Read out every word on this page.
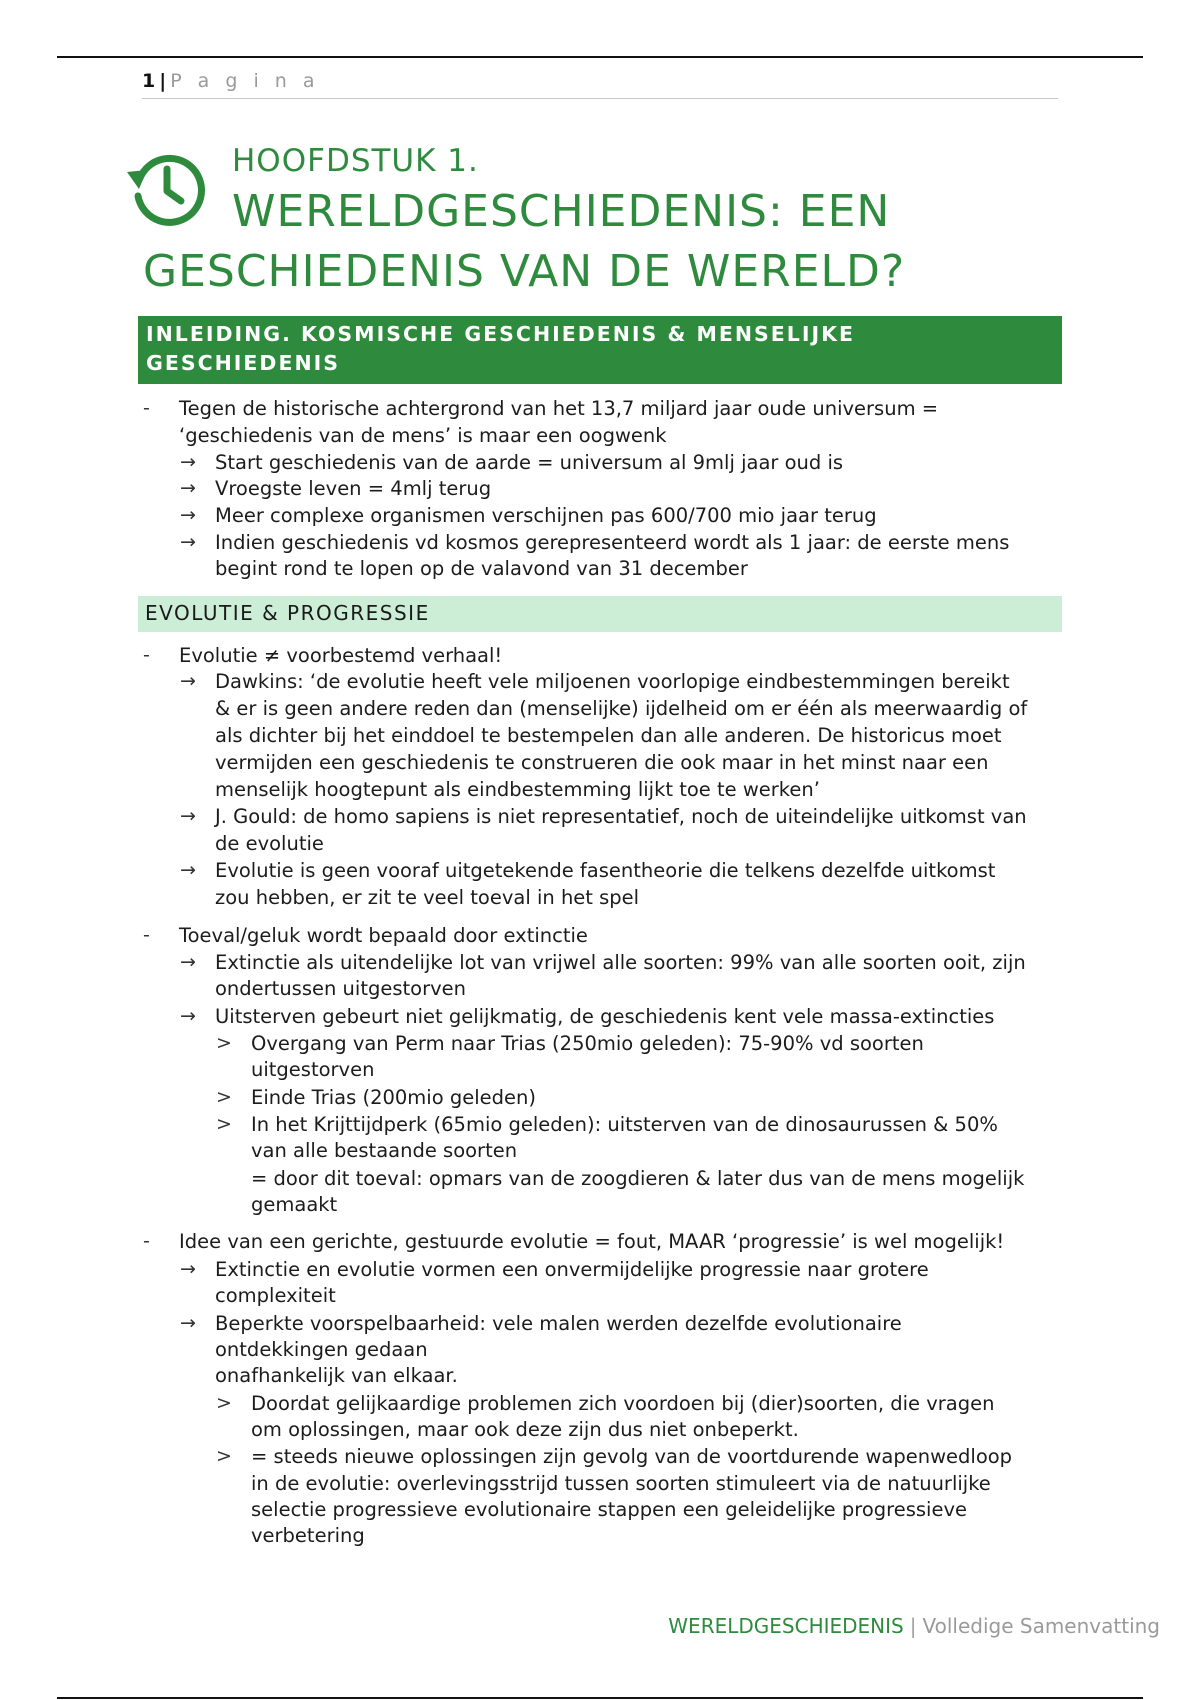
1 | P a g i n a
HOOFDSTUK 1.
WERELDGESCHIEDENIS: EEN
GESCHIEDENIS VAN DE WERELD?
INLEIDING. KOSMISCHE GESCHIEDENIS & MENSELIJKE
GESCHIEDENIS
- Tegen de historische achtergrond van het 13,7 miljard jaar oude universum =
‘geschiedenis van de mens’ is maar een oogwenk
→ Start geschiedenis van de aarde = universum al 9mlj jaar oud is
→ Vroegste leven = 4mlj terug
→ Meer complexe organismen verschijnen pas 600/700 mio jaar terug
→ Indien geschiedenis vd kosmos gerepresenteerd wordt als 1 jaar: de eerste mens
begint rond te lopen op de valavond van 31 december
EVOLUTIE & PROGRESSIE
- Evolutie ≠ voorbestemd verhaal!
→ Dawkins: ‘de evolutie heeft vele miljoenen voorlopige eindbestemmingen bereikt
& er is geen andere reden dan (menselijke) ijdelheid om er één als meerwaardig of
als dichter bij het einddoel te bestempelen dan alle anderen. De historicus moet
vermijden een geschiedenis te construeren die ook maar in het minst naar een
menselijk hoogtepunt als eindbestemming lijkt toe te werken’
→ J. Gould: de homo sapiens is niet representatief, noch de uiteindelijke uitkomst van
de evolutie
→ Evolutie is geen vooraf uitgetekende fasentheorie die telkens dezelfde uitkomst
zou hebben, er zit te veel toeval in het spel
- Toeval/geluk wordt bepaald door extinctie
→ Extinctie als uitendelijke lot van vrijwel alle soorten: 99% van alle soorten ooit, zijn
ondertussen uitgestorven
→ Uitsterven gebeurt niet gelijkmatig, de geschiedenis kent vele massa-extincties
> Overgang van Perm naar Trias (250mio geleden): 75-90% vd soorten
uitgestorven
> Einde Trias (200mio geleden)
> In het Krijttijdperk (65mio geleden): uitsterven van de dinosaurussen & 50%
van alle bestaande soorten
= door dit toeval: opmars van de zoogdieren & later dus van de mens mogelijk
gemaakt
- Idee van een gerichte, gestuurde evolutie = fout, MAAR ‘progressie’ is wel mogelijk!
→ Extinctie en evolutie vormen een onvermijdelijke progressie naar grotere
complexiteit
→ Beperkte voorspelbaarheid: vele malen werden dezelfde evolutionaire
ontdekkingen gedaan
onafhankelijk van elkaar.
> Doordat gelijkaardige problemen zich voordoen bij (dier)soorten, die vragen
om oplossingen, maar ook deze zijn dus niet onbeperkt.
> = steeds nieuwe oplossingen zijn gevolg van de voortdurende wapenwedloop
in de evolutie: overlevingsstrijd tussen soorten stimuleert via de natuurlijke
selectie progressieve evolutionaire stappen een geleidelijke progressieve
verbetering
WERELDGESCHIEDENIS | Volledige Samenvatting
